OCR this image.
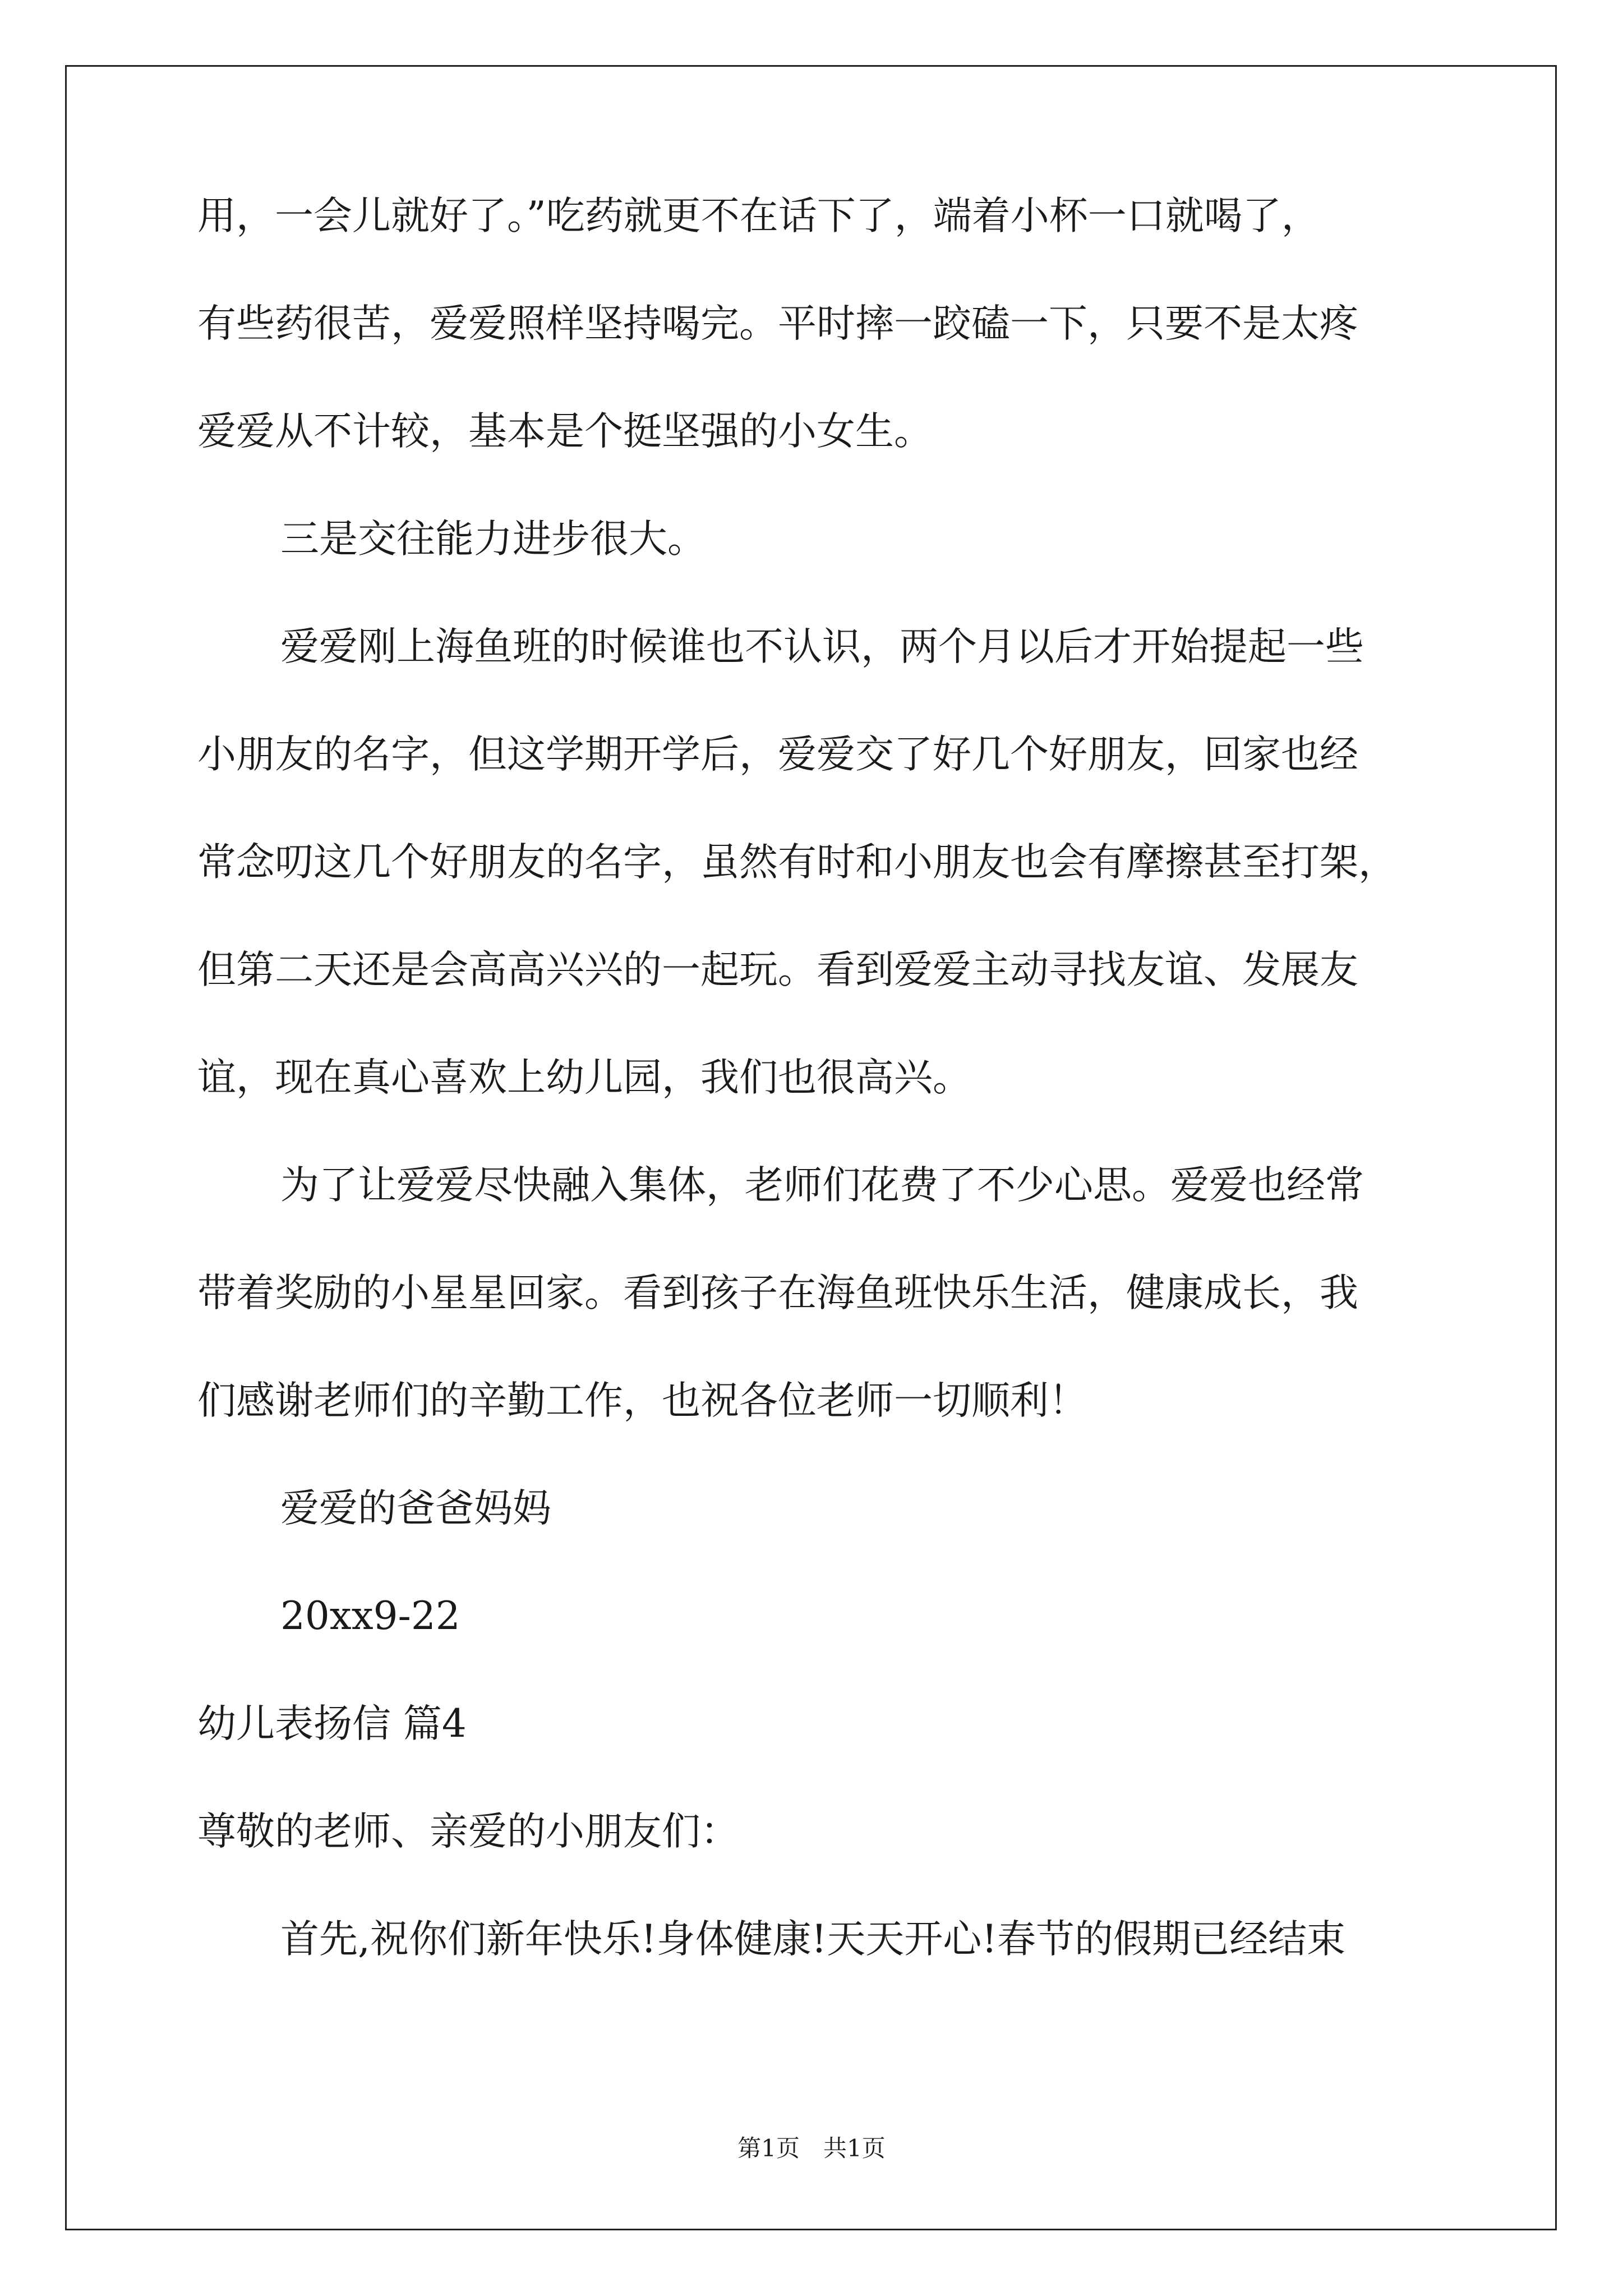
用，一会儿就好了。”吃药就更不在话下了，端着小杯一口就喝了，
有些药很苦，爱爱照样坚持喝完。平时摔一跤磕一下，只要不是太疼
爱爱从不计较，基本是个挺坚强的小女生。
三是交往能力进步很大。
爱爱刚上海鱼班的时候谁也不认识，两个月以后才开始提起一些
小朋友的名字，但这学期开学后，爱爱交了好几个好朋友，回家也经
常念叨这几个好朋友的名字，虽然有时和小朋友也会有摩擦甚至打架，
但第二天还是会高高兴兴的一起玩。看到爱爱主动寻找友谊、发展友
谊，现在真心喜欢上幼儿园，我们也很高兴。
为了让爱爱尽快融入集体，老师们花费了不少心思。爱爱也经常
带着奖励的小星星回家。看到孩子在海鱼班快乐生活，健康成长，我
们感谢老师们的辛勤工作，也祝各位老师一切顺利！
爱爱的爸爸妈妈
20xx9-22
幼儿表扬信 篇4
尊敬的老师、亲爱的小朋友们：
首先,祝你们新年快乐!身体健康!天天开心!春节的假期已经结束
第1页　共1页
